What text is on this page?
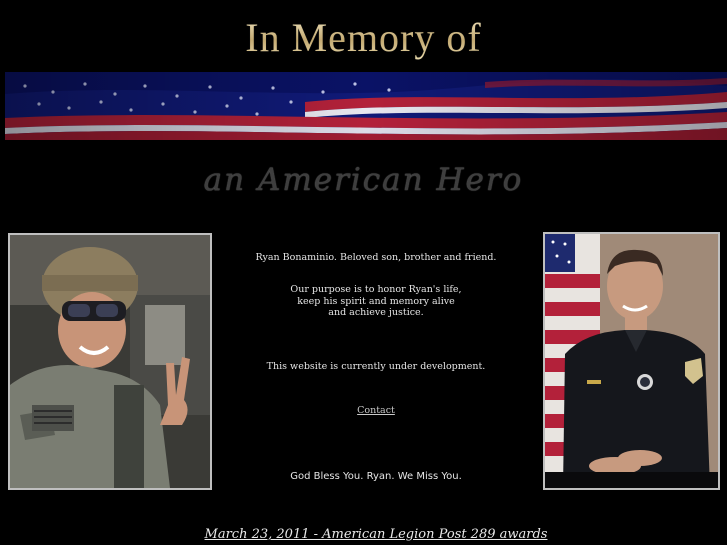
In Memory of
an American Hero

Ryan Bonaminio. Beloved son, brother and friend.

Our purpose is to honor Ryan's life,

keep his spirit and memory alive

and achieve justice.

This website is currently under development.

Contact
God Bless You. Ryan. We Miss You.
March 23, 2011 - American Legion Post 289 awards
